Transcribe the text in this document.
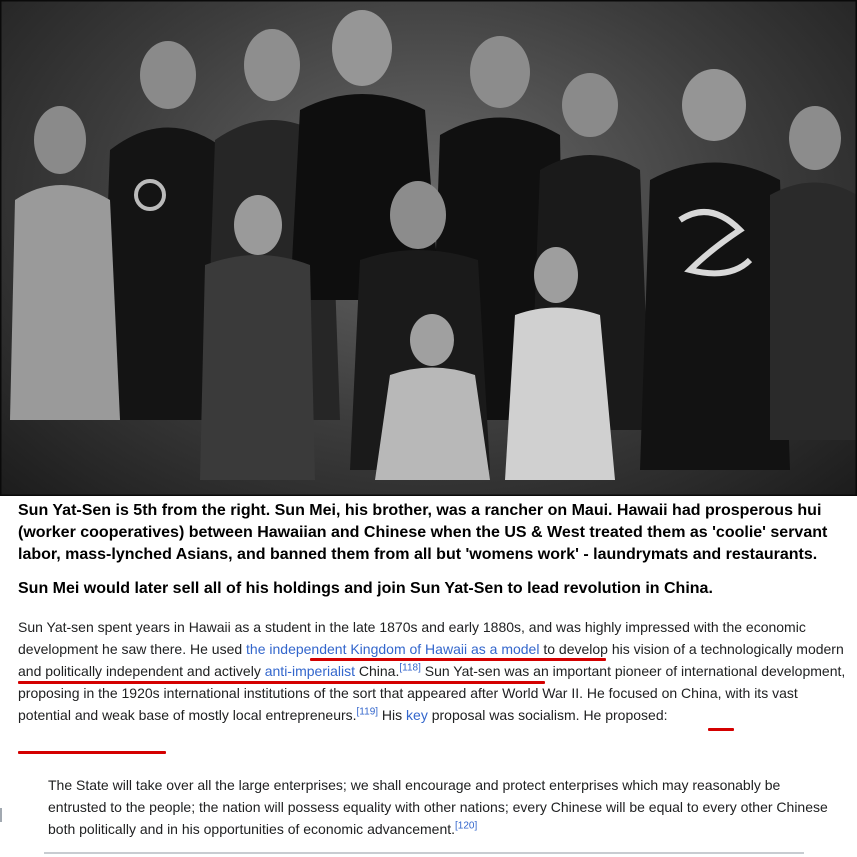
Sun Yat-Sen is 5th from the right. Sun Mei, his brother, was a rancher on Maui. Hawaii had prosperous hui (worker cooperatives) between Hawaiian and Chinese when the US & West treated them as 'coolie' servant labor, mass-lynched Asians, and banned them from all but 'womens work' - laundrymats and restaurants.

Sun Mei would later sell all of his holdings and join Sun Yat-Sen to lead revolution in China.

Sun Yat-sen spent years in Hawaii as a student in the late 1870s and early 1880s, and was highly impressed with the economic development he saw there. He used the independent Kingdom of Hawaii as a model to develop his vision of a technologically modern and politically independent and actively anti-imperialist China.[118] Sun Yat-sen was an important pioneer of international development, proposing in the 1920s international institutions of the sort that appeared after World War II. He focused on China, with its vast potential and weak base of mostly local entrepreneurs.[119] His key proposal was socialism. He proposed:

The State will take over all the large enterprises; we shall encourage and protect enterprises which may reasonably be entrusted to the people; the nation will possess equality with other nations; every Chinese will be equal to every other Chinese both politically and in his opportunities of economic advancement.[120]
